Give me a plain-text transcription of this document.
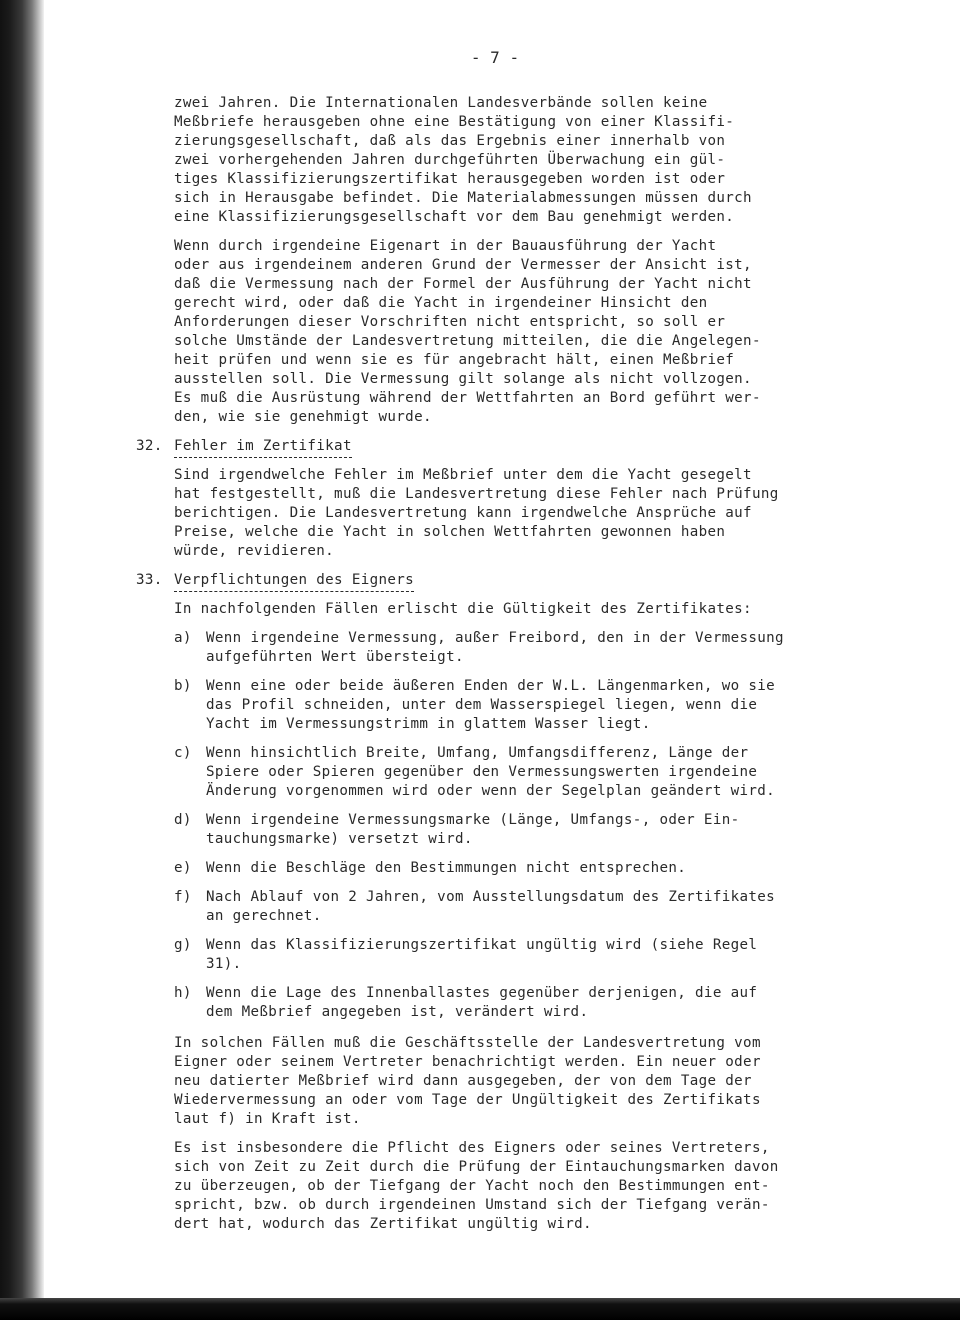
- 7 -

zwei Jahren. Die Internationalen Landesverbände sollen keine
Meßbriefe herausgeben ohne eine Bestätigung von einer Klassifi-
zierungsgesellschaft, daß als das Ergebnis einer innerhalb von
zwei vorhergehenden Jahren durchgeführten Überwachung ein gül-
tiges Klassifizierungszertifikat herausgegeben worden ist oder
sich in Herausgabe befindet. Die Materialabmessungen müssen durch
eine Klassifizierungsgesellschaft vor dem Bau genehmigt werden.

Wenn durch irgendeine Eigenart in der Bauausführung der Yacht
oder aus irgendeinem anderen Grund der Vermesser der Ansicht ist,
daß die Vermessung nach der Formel der Ausführung der Yacht nicht
gerecht wird, oder daß die Yacht in irgendeiner Hinsicht den
Anforderungen dieser Vorschriften nicht entspricht, so soll er
solche Umstände der Landesvertretung mitteilen, die die Angelegen-
heit prüfen und wenn sie es für angebracht hält, einen Meßbrief
ausstellen soll. Die Vermessung gilt solange als nicht vollzogen.
Es muß die Ausrüstung während der Wettfahrten an Bord geführt wer-
den, wie sie genehmigt wurde.

32. Fehler im Zertifikat

Sind irgendwelche Fehler im Meßbrief unter dem die Yacht gesegelt
hat festgestellt, muß die Landesvertretung diese Fehler nach Prüfung
berichtigen. Die Landesvertretung kann irgendwelche Ansprüche auf
Preise, welche die Yacht in solchen Wettfahrten gewonnen haben
würde, revidieren.

33. Verpflichtungen des Eigners

In nachfolgenden Fällen erlischt die Gültigkeit des Zertifikates:

a)	Wenn irgendeine Vermessung, außer Freibord, den in der Vermessung
aufgeführten Wert übersteigt.
b)	Wenn eine oder beide äußeren Enden der W.L. Längenmarken, wo sie
das Profil schneiden, unter dem Wasserspiegel liegen, wenn die
Yacht im Vermessungstrimm in glattem Wasser liegt.
c)	Wenn hinsichtlich Breite, Umfang, Umfangsdifferenz, Länge der
Spiere oder Spieren gegenüber den Vermessungswerten irgendeine
Änderung vorgenommen wird oder wenn der Segelplan geändert wird.
d)	Wenn irgendeine Vermessungsmarke (Länge, Umfangs-, oder Ein-
tauchungsmarke) versetzt wird.
e)	Wenn die Beschläge den Bestimmungen nicht entsprechen.
f)	Nach Ablauf von 2 Jahren, vom Ausstellungsdatum des Zertifikates
an gerechnet.
g)	Wenn das Klassifizierungszertifikat ungültig wird (siehe Regel
31).
h)	Wenn die Lage des Innenballastes gegenüber derjenigen, die auf
dem Meßbrief angegeben ist, verändert wird.

In solchen Fällen muß die Geschäftsstelle der Landesvertretung vom
Eigner oder seinem Vertreter benachrichtigt werden. Ein neuer oder
neu datierter Meßbrief wird dann ausgegeben, der von dem Tage der
Wiedervermessung an oder vom Tage der Ungültigkeit des Zertifikats
laut f) in Kraft ist.

Es ist insbesondere die Pflicht des Eigners oder seines Vertreters,
sich von Zeit zu Zeit durch die Prüfung der Eintauchungsmarken davon
zu überzeugen, ob der Tiefgang der Yacht noch den Bestimmungen ent-
spricht, bzw. ob durch irgendeinen Umstand sich der Tiefgang verän-
dert hat, wodurch das Zertifikat ungültig wird.
